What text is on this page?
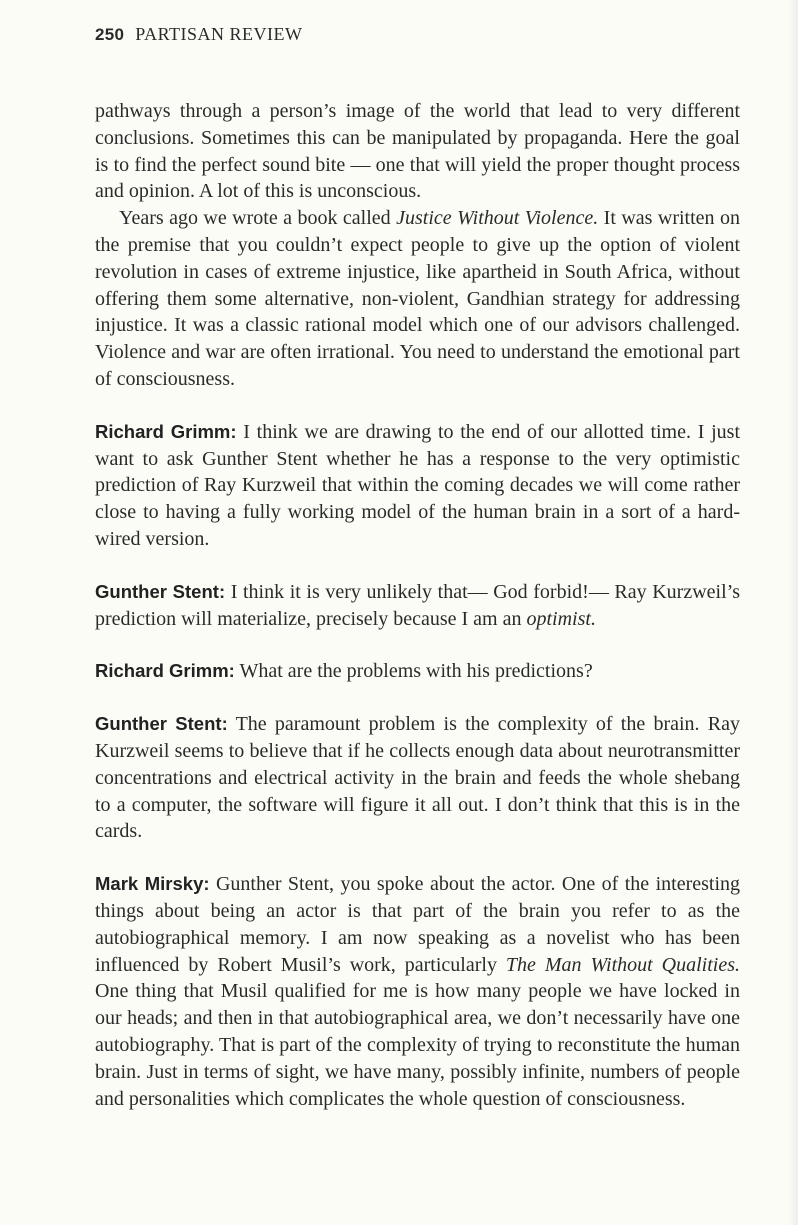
250 PARTISAN REVIEW

pathways through a person’s image of the world that lead to very different conclusions. Sometimes this can be manipulated by propaganda. Here the goal is to find the perfect sound bite — one that will yield the proper thought process and opinion. A lot of this is unconscious.

Years ago we wrote a book called Justice Without Violence. It was written on the premise that you couldn’t expect people to give up the option of violent revolution in cases of extreme injustice, like apartheid in South Africa, without offering them some alternative, non-violent, Gandhian strategy for addressing injustice. It was a classic rational model which one of our advisors challenged. Violence and war are often irrational. You need to understand the emotional part of consciousness.

Richard Grimm: I think we are drawing to the end of our allotted time. I just want to ask Gunther Stent whether he has a response to the very optimistic prediction of Ray Kurzweil that within the coming decades we will come rather close to having a fully working model of the human brain in a sort of a hard-wired version.

Gunther Stent: I think it is very unlikely that— God forbid!— Ray Kurzweil’s prediction will materialize, precisely because I am an optimist.

Richard Grimm: What are the problems with his predictions?

Gunther Stent: The paramount problem is the complexity of the brain. Ray Kurzweil seems to believe that if he collects enough data about neurotransmitter concentrations and electrical activity in the brain and feeds the whole shebang to a computer, the software will figure it all out. I don’t think that this is in the cards.

Mark Mirsky: Gunther Stent, you spoke about the actor. One of the interesting things about being an actor is that part of the brain you refer to as the autobiographical memory. I am now speaking as a novelist who has been influenced by Robert Musil’s work, particularly The Man Without Qualities. One thing that Musil qualified for me is how many people we have locked in our heads; and then in that autobiographical area, we don’t necessarily have one autobiography. That is part of the complexity of trying to reconstitute the human brain. Just in terms of sight, we have many, possibly infinite, numbers of people and personalities which complicates the whole question of consciousness.
